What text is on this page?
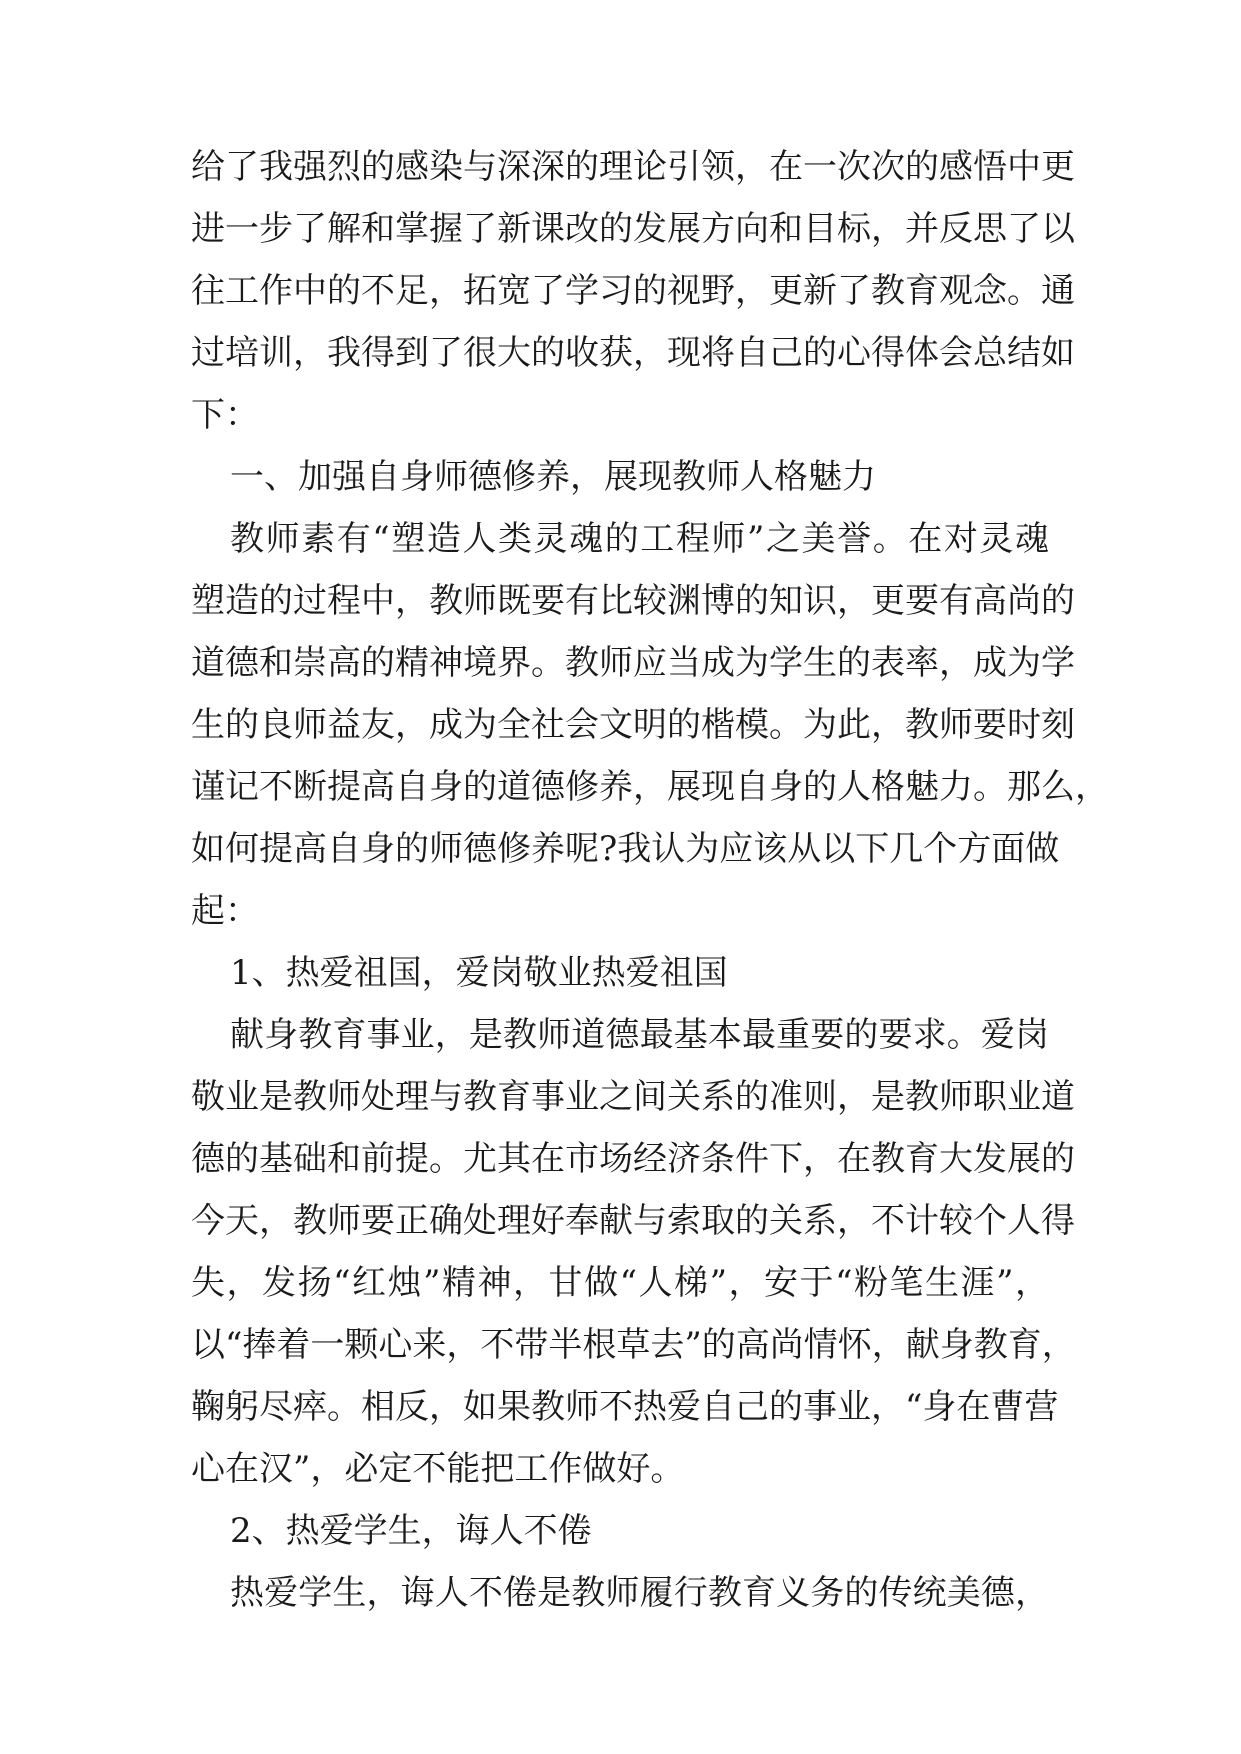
给了我强烈的感染与深深的理论引领，在一次次的感悟中更
进一步了解和掌握了新课改的发展方向和目标，并反思了以
往工作中的不足，拓宽了学习的视野，更新了教育观念。通
过培训，我得到了很大的收获，现将自己的心得体会总结如
下：
一、加强自身师德修养，展现教师人格魅力
教师素有“塑造人类灵魂的工程师”之美誉。在对灵魂
塑造的过程中，教师既要有比较渊博的知识，更要有高尚的
道德和崇高的精神境界。教师应当成为学生的表率，成为学
生的良师益友，成为全社会文明的楷模。为此，教师要时刻
谨记不断提高自身的道德修养，展现自身的人格魅力。那么，
如何提高自身的师德修养呢?我认为应该从以下几个方面做
起：
1、热爱祖国，爱岗敬业热爱祖国
献身教育事业，是教师道德最基本最重要的要求。爱岗
敬业是教师处理与教育事业之间关系的准则，是教师职业道
德的基础和前提。尤其在市场经济条件下，在教育大发展的
今天，教师要正确处理好奉献与索取的关系，不计较个人得
失，发扬“红烛”精神，甘做“人梯”，安于“粉笔生涯”，
以“捧着一颗心来，不带半根草去”的高尚情怀，献身教育，
鞠躬尽瘁。相反，如果教师不热爱自己的事业，“身在曹营
心在汉”，必定不能把工作做好。
2、热爱学生，诲人不倦
热爱学生，诲人不倦是教师履行教育义务的传统美德，
